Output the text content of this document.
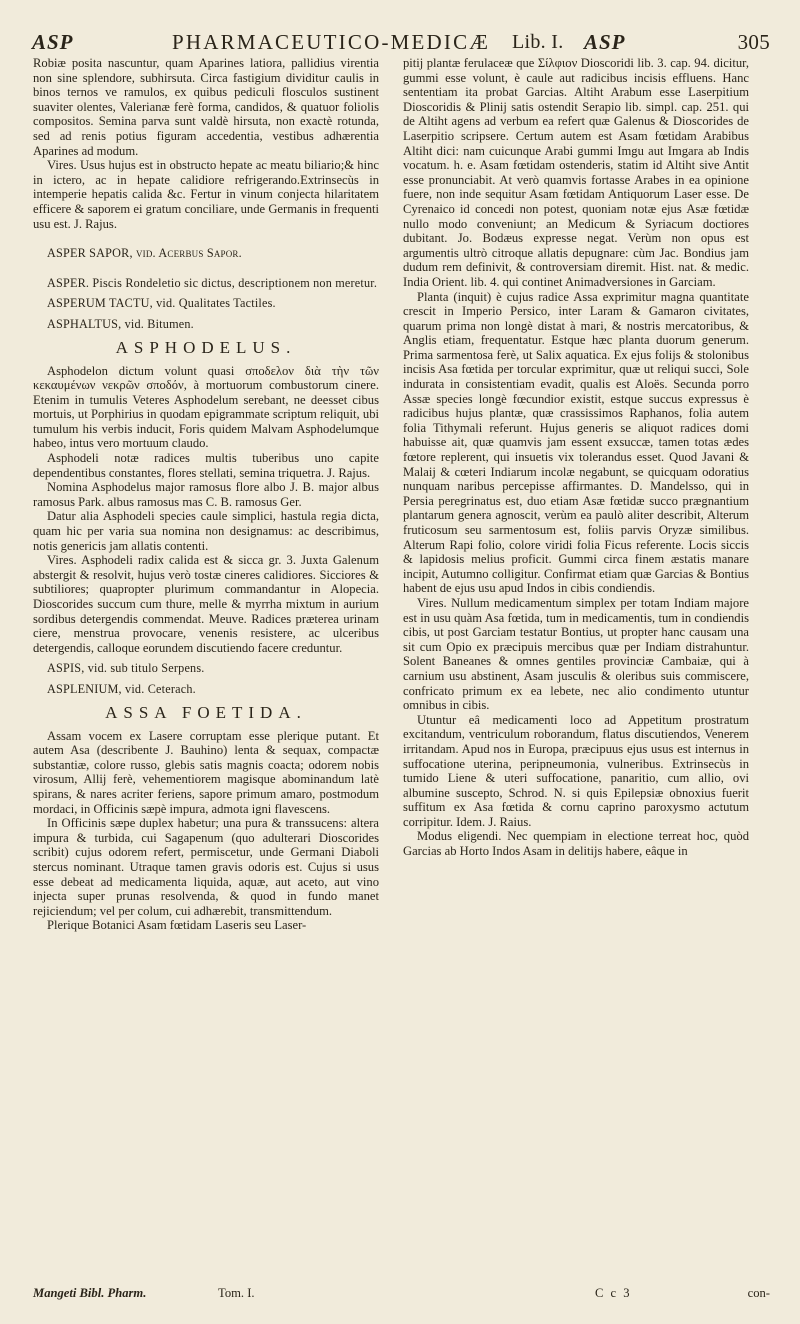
ASP	PHARMACEUTICO-MEDICÆ Lib. I. ASP	305

Robiæ posita nascuntur, quam Aparines latiora, pallidius virentia non sine splendore, subhirsuta. Circa fastigium dividitur caulis in binos ternos ve ramulos, ex quibus pediculi flosculos sustinent suaviter olentes, Valerianæ ferè forma, candidos, & quatuor foliolis compositos. Semina parva sunt valdè hirsuta, non exactè rotunda, sed ad renis potius figuram accedentia, vestibus adhærentia Aparines ad modum.

Vires. Usus hujus est in obstructo hepate ac meatu biliario;& hinc in ictero, ac in hepate calidiore refrigerando.Extrinsecùs in intemperie hepatis calida &c. Fertur in vinum conjecta hilaritatem efficere & saporem ei gratum conciliare, unde Germanis in frequenti usu est. J. Rajus.

ASPER SAPOR, vid. Acerbus Sapor.

ASPER. Piscis Rondeletio sic dictus, descriptionem non meretur.

ASPERUM TACTU, vid. Qualitates Tactiles.

ASPHALTUS, vid. Bitumen.

ASPHODELUS.

Asphodelon dictum volunt quasi σποδελον διὰ τὴν τῶν κεκαυμένων νεκρῶν σποδόν, à mortuorum combustorum cinere. Etenim in tumulis Veteres Asphodelum serebant, ne deesset cibus mortuis, ut Porphirius in quodam epigrammate scriptum reliquit, ubi tumulum his verbis inducit, Foris quidem Malvam Asphodelumque habeo, intus vero mortuum claudo.

Asphodeli notæ radices multis tuberibus uno capite dependentibus constantes, flores stellati, semina triquetra. J. Rajus.

Nomina Asphodelus major ramosus flore albo J. B. major albus ramosus Park. albus ramosus mas C. B. ramosus Ger.

Datur alia Asphodeli species caule simplici, hastula regia dicta, quam hic per varia sua nomina non designamus: ac describimus, notis genericis jam allatis contenti.

Vires. Asphodeli radix calida est & sicca gr. 3. Juxta Galenum abstergit & resolvit, hujus verò tostæ cineres calidiores. Sicciores & subtiliores; quapropter plurimum commandantur in Alopecia. Dioscorides succum cum thure, melle & myrrha mixtum in aurium sordibus detergendis commendat. Meuve. Radices præterea urinam ciere, menstrua provocare, venenis resistere, ac ulceribus detergendis, calloque eorundem discutiendo facere creduntur.

ASPIS, vid. sub titulo Serpens.

ASPLENIUM, vid. Ceterach.

ASSA FOETIDA.

Assam vocem ex Lasere corruptam esse plerique putant. Et autem Asa (describente J. Bauhino) lenta & sequax, compactæ substantiæ, colore russo, glebis satis magnis coacta; odorem nobis virosum, Allij ferè, vehementiorem magisque abominandum latè spirans, & nares acriter feriens, sapore primum amaro, postmodum mordaci, in Officinis sæpè impura, admota igni flavescens.

In Officinis sæpe duplex habetur; una pura & transsucens: altera impura & turbida, cui Sagapenum (quo adulterari Dioscorides scribit) cujus odorem refert, permiscetur, unde Germani Diaboli stercus nominant. Utraque tamen gravis odoris est. Cujus si usus esse debeat ad medicamenta liquida, aquæ, aut aceto, aut vino injecta super prunas resolvenda, & quod in fundo manet rejiciendum; vel per colum, cui adhærebit, transmittendum.

Plerique Botanici Asam fœtidam Laseris seu Laser-

pitij plantæ ferulaceæ que Σίλφιον Dioscoridi lib. 3. cap. 94. dicitur, gummi esse volunt, è caule aut radicibus incisis effluens. Hanc sententiam ita probat Garcias. Altiht Arabum esse Laserpitium Dioscoridis & Plinij satis ostendit Serapio lib. simpl. cap. 251. qui de Altiht agens ad verbum ea refert quæ Galenus & Dioscorides de Laserpitio scripsere. Certum autem est Asam fœtidam Arabibus Altiht dici: nam cuicunque Arabi gummi Imgu aut Imgara ab Indis vocatum. h. e. Asam fœtidam ostenderis, statim id Altiht sive Antit esse pronunciabit. At verò quamvis fortasse Arabes in ea opinione fuere, non inde sequitur Asam fœtidam Antiquorum Laser esse. De Cyrenaico id concedi non potest, quoniam notæ ejus Asæ fœtidæ nullo modo conveniunt; an Medicum & Syriacum doctiores dubitant. Jo. Bodæus expresse negat. Verùm non opus est argumentis ultrò citroque allatis depugnare: cùm Jac. Bondius jam dudum rem definivit, & controversiam diremit. Hist. nat. & medic. India Orient. lib. 4. qui continet Animadversiones in Garciam.

Planta (inquit) è cujus radice Assa exprimitur magna quantitate crescit in Imperio Persico, inter Laram & Gamaron civitates, quarum prima non longè distat à mari, & nostris mercatoribus, & Anglis etiam, frequentatur. Estque hæc planta duorum generum. Prima sarmentosa ferè, ut Salix aquatica. Ex ejus folijs & stolonibus incisis Asa fœtida per torcular exprimitur, quæ ut reliqui succi, Sole indurata in consistentiam evadit, qualis est Aloës. Secunda porro Assæ species longè fœcundior existit, estque succus expressus è radicibus hujus plantæ, quæ crassissimos Raphanos, folia autem folia Tithymali referunt. Hujus generis se aliquot radices domi habuisse ait, quæ quamvis jam essent exsuccæ, tamen totas ædes fœtore replerent, qui insuetis vix tolerandus esset. Quod Javani & Malaij & cœteri Indiarum incolæ negabunt, se quicquam odoratius nunquam naribus percepisse affirmantes. D. Mandelsso, qui in Persia peregrinatus est, duo etiam Asæ fœtidæ succo prægnantium plantarum genera agnoscit, verùm ea paulò aliter describit, Alterum fruticosum seu sarmentosum est, foliis parvis Oryzæ similibus. Alterum Rapi folio, colore viridi folia Ficus referente. Locis siccis & lapidosis melius proficit. Gummi circa finem æstatis manare incipit, Autumno colligitur. Confirmat etiam quæ Garcias & Bontius habent de ejus usu apud Indos in cibis condiendis.

Vires. Nullum medicamentum simplex per totam Indiam majore est in usu quàm Asa fœtida, tum in medicamentis, tum in condiendis cibis, ut post Garciam testatur Bontius, ut propter hanc causam una sit cum Opio ex præcipuis mercibus quæ per Indiam distrahuntur. Solent Baneanes & omnes gentiles provinciæ Cambaiæ, qui à carnium usu abstinent, Asam jusculis & oleribus suis commiscere, confricato primum ex ea lebete, nec alio condimento utuntur omnibus in cibis.

Utuntur eâ medicamenti loco ad Appetitum prostratum excitandum, ventriculum roborandum, flatus discutiendos, Venerem irritandam. Apud nos in Europa, præcipuus ejus usus est internus in suffocatione uterina, peripneumonia, vulneribus. Extrinsecùs in tumido Liene & uteri suffocatione, panaritio, cum allio, ovi albumine suscepto, Schrod. N. si quis Epilepsiæ obnoxius fuerit suffitum ex Asa fœtida & cornu caprino paroxysmo actutum corripitur. Idem. J. Raius.

Modus eligendi. Nec quempiam in electione terreat hoc, quòd Garcias ab Horto Indos Asam in delitijs habere, eâque in

Mangeti Bibl. Pharm.	Tom. I.	C c 3	con-
